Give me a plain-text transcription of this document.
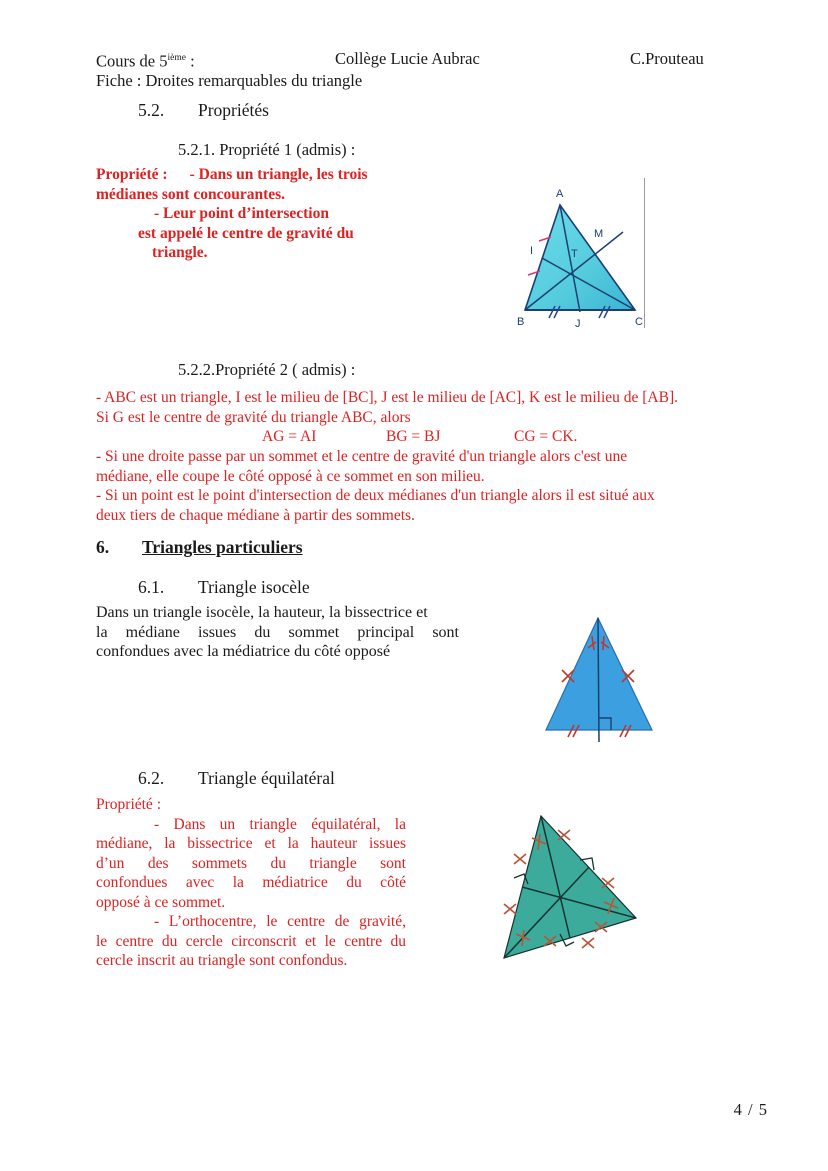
Cours de 5ième :	Collège Lucie Aubrac	C.Prouteau
Fiche : Droites remarquables du triangle
5.2. Propriétés
5.2.1. Propriété 1 (admis) :

Propriété : - Dans un triangle, les trois

médianes sont concourantes.

- Leur point d’intersection

est appelé le centre de gravité du

triangle.

A
B	C
I
J
T
M
5.2.2.Propriété 2 ( admis) :

- ABC est un triangle, I est le milieu de [BC], J est le milieu de [AC], K est le milieu de [AB].

Si G est le centre de gravité du triangle ABC, alors

AG = AI	BG = BJ	CG = CK.

- Si une droite passe par un sommet et le centre de gravité d'un triangle alors c'est une

médiane, elle coupe le côté opposé à ce sommet en son milieu.

- Si un point est le point d'intersection de deux médianes d'un triangle alors il est situé aux

deux tiers de chaque médiane à partir des sommets.

6. Triangles particuliers
6.1. Triangle isocèle

Dans un triangle isocèle, la hauteur, la bissectrice et

la médiane issues du sommet principal sont

confondues avec la médiatrice du côté opposé

6.2. Triangle équilatéral

Propriété :

- Dans un triangle équilatéral, la

médiane, la bissectrice et la hauteur issues

d’un des sommets du triangle sont

confondues avec la médiatrice du côté

opposé à ce sommet.

- L’orthocentre, le centre de gravité,

le centre du cercle circonscrit et le centre du

cercle inscrit au triangle sont confondus.

4 / 5
